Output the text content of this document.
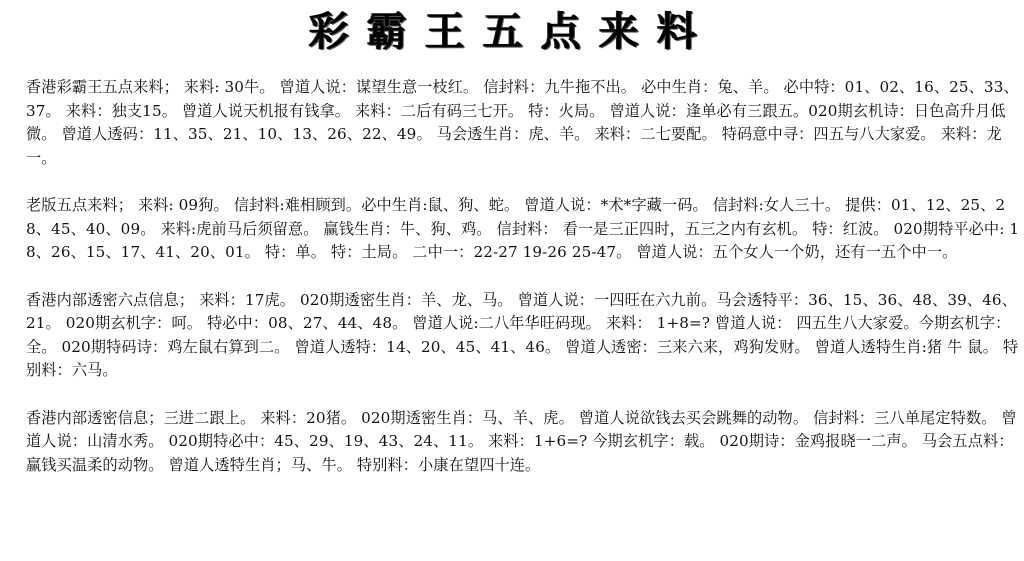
彩霸王五点来料

香港彩霸王五点来料； 来料: 30牛。 曾道人说：谋望生意一枝红。 信封料：九牛拖不出。 必中生肖：兔、羊。 必中特：01、02、16、25、33、37。 来料：独支15。 曾道人说天机报有钱拿。 来料：二后有码三七开。 特：火局。 曾道人说：逢单必有三跟五。020期玄机诗：日色高升月低微。 曾道人透码：11、35、21、10、13、26、22、49。 马会透生肖：虎、羊。 来料：二七要配。 特码意中寻：四五与八大家爱。 来料：龙一。

老版五点来料； 来料: 09狗。 信封料:难相顾到。必中生肖:鼠、狗、蛇。 曾道人说：*术*字藏一码。 信封料:女人三十。 提供：01、12、25、28、45、40、09。 来料:虎前马后须留意。 赢钱生肖：牛、狗、鸡。 信封料： 看一是三正四时，五三之内有玄机。 特：红波。 020期特平必中: 18、26、15、17、41、20、01。 特：单。 特：土局。 二中一：22-27 19-26 25-47。 曾道人说：五个女人一个奶，还有一五个中一。

香港内部透密六点信息； 来料：17虎。 020期透密生肖：羊、龙、马。 曾道人说：一四旺在六九前。马会透特平：36、15、36、48、39、46、21。 020期玄机字：呵。 特必中：08、27、44、48。 曾道人说:二八年华旺码现。 来料： 1+8=? 曾道人说： 四五生八大家爱。今期玄机字：全。 020期特码诗：鸡左鼠右算到二。 曾道人透特：14、20、45、41、46。 曾道人透密：三来六来，鸡狗发财。 曾道人透特生肖:猪 牛 鼠。 特别料：六马。

香港内部透密信息；三进二跟上。 来料：20猪。 020期透密生肖：马、羊、虎。 曾道人说欲钱去买会跳舞的动物。 信封料：三八单尾定特数。 曾道人说：山清水秀。 020期特必中：45、29、19、43、24、11。 来料：1+6=? 今期玄机字：载。 020期诗：金鸡报晓一二声。 马会五点料：赢钱买温柔的动物。 曾道人透特生肖；马、牛。 特别料：小康在望四十连。
